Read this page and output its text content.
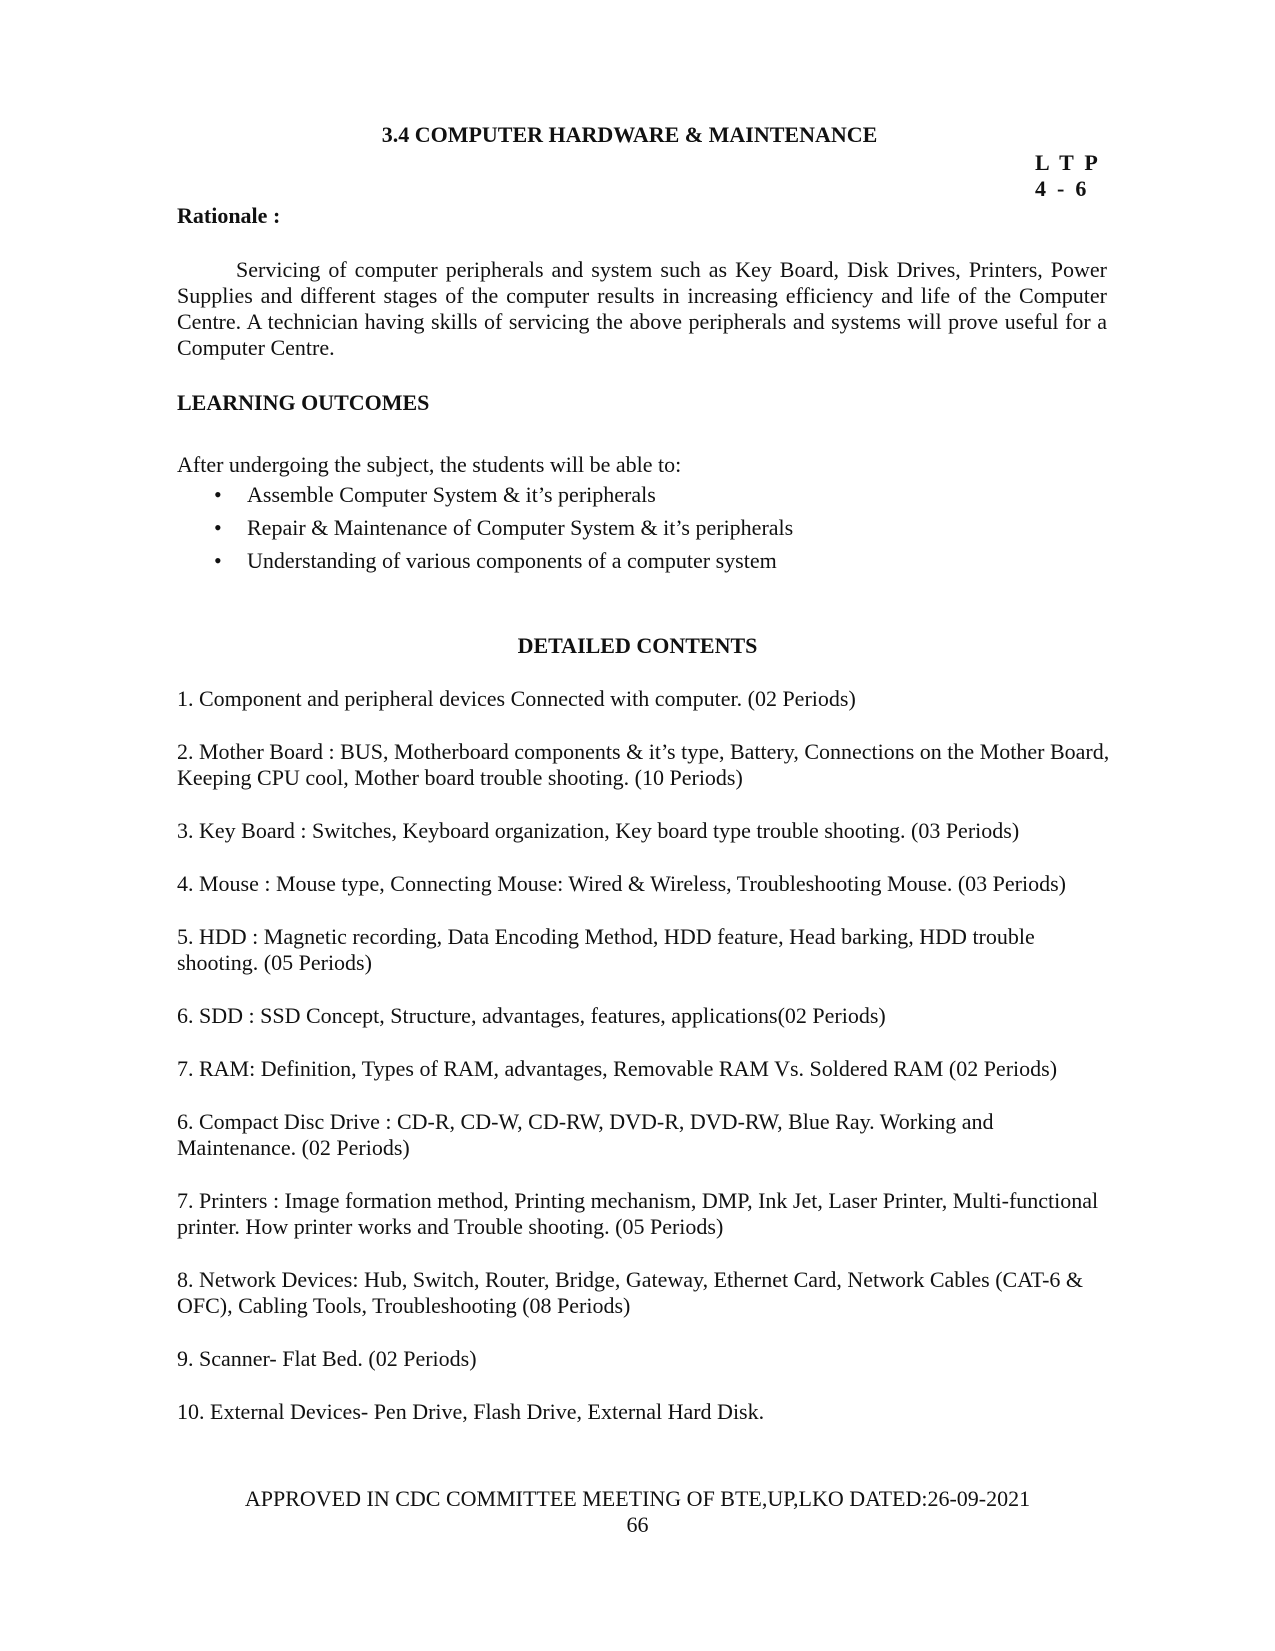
3.4 COMPUTER HARDWARE & MAINTENANCE
L  T  P
4  -  6
Rationale :
Servicing of computer peripherals and system such as Key Board, Disk Drives, Printers, Power Supplies and different stages of the computer results in increasing efficiency and life of the Computer Centre. A technician having skills of servicing the above peripherals and systems will prove useful for a Computer Centre.
LEARNING OUTCOMES
After undergoing the subject, the students will be able to:
• Assemble Computer System & it’s peripherals
• Repair & Maintenance of Computer System & it’s peripherals
• Understanding of various components of a computer system
DETAILED CONTENTS

1. Component and peripheral devices Connected with computer. (02 Periods)

2. Mother Board : BUS, Motherboard components & it’s type, Battery, Connections on the Mother Board, Keeping CPU cool, Mother board trouble shooting. (10 Periods)

3. Key Board : Switches, Keyboard organization, Key board type trouble shooting. (03 Periods)

4. Mouse : Mouse type, Connecting Mouse: Wired & Wireless, Troubleshooting Mouse. (03 Periods)

5. HDD : Magnetic recording, Data Encoding Method, HDD feature, Head barking, HDD trouble shooting. (05 Periods)

6. SDD : SSD Concept, Structure, advantages, features, applications(02 Periods)

7. RAM: Definition, Types of RAM, advantages, Removable RAM Vs. Soldered RAM (02 Periods)

6. Compact Disc Drive : CD-R, CD-W, CD-RW, DVD-R, DVD-RW, Blue Ray. Working and Maintenance. (02 Periods)

7. Printers : Image formation method, Printing mechanism, DMP, Ink Jet, Laser Printer, Multi-functional printer. How printer works and Trouble shooting. (05 Periods)

8. Network Devices: Hub, Switch, Router, Bridge, Gateway, Ethernet Card, Network Cables (CAT-6 & OFC), Cabling Tools, Troubleshooting (08 Periods)

9. Scanner- Flat Bed. (02 Periods)

10. External Devices- Pen Drive, Flash Drive, External Hard Disk.

APPROVED IN CDC COMMITTEE MEETING OF BTE,UP,LKO DATED:26-09-2021
66
